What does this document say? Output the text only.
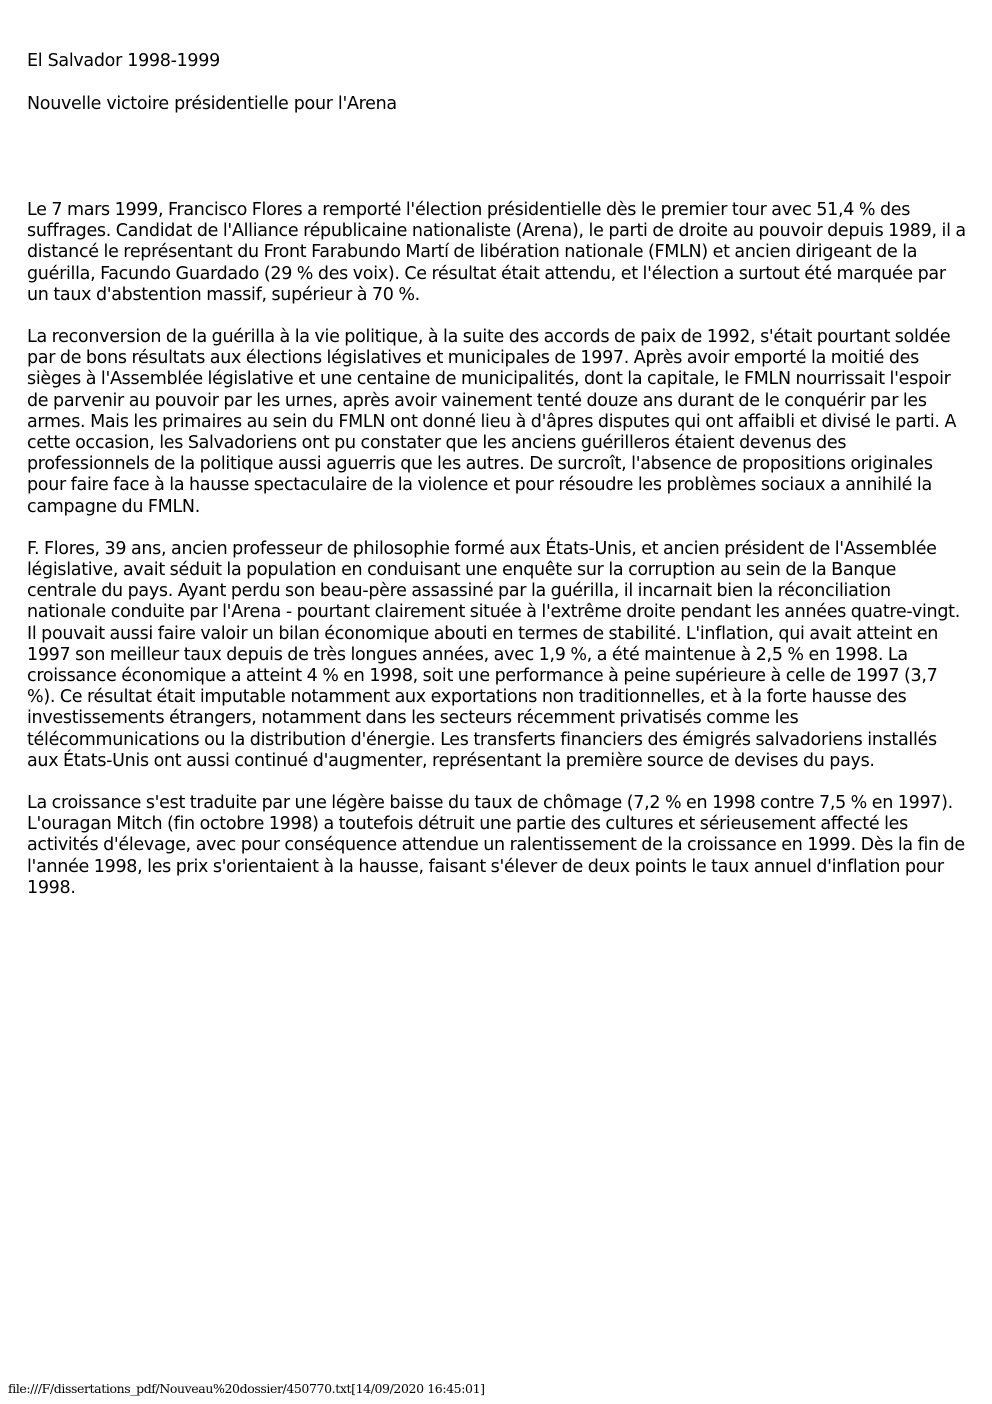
El Salvador 1998-1999

Nouvelle victoire présidentielle pour l'Arena

Le 7 mars 1999, Francisco Flores a remporté l'élection présidentielle dès le premier tour avec 51,4 % des suffrages. Candidat de l'Alliance républicaine nationaliste (Arena), le parti de droite au pouvoir depuis 1989, il a distancé le représentant du Front Farabundo Martí de libération nationale (FMLN) et ancien dirigeant de la guérilla, Facundo Guardado (29 % des voix). Ce résultat était attendu, et l'élection a surtout été marquée par un taux d'abstention massif, supérieur à 70 %.

La reconversion de la guérilla à la vie politique, à la suite des accords de paix de 1992, s'était pourtant soldée par de bons résultats aux élections législatives et municipales de 1997. Après avoir emporté la moitié des sièges à l'Assemblée législative et une centaine de municipalités, dont la capitale, le FMLN nourrissait l'espoir de parvenir au pouvoir par les urnes, après avoir vainement tenté douze ans durant de le conquérir par les armes. Mais les primaires au sein du FMLN ont donné lieu à d'âpres disputes qui ont affaibli et divisé le parti. A cette occasion, les Salvadoriens ont pu constater que les anciens guérilleros étaient devenus des professionnels de la politique aussi aguerris que les autres. De surcroît, l'absence de propositions originales pour faire face à la hausse spectaculaire de la violence et pour résoudre les problèmes sociaux a annihilé la campagne du FMLN.

F. Flores, 39 ans, ancien professeur de philosophie formé aux États-Unis, et ancien président de l'Assemblée législative, avait séduit la population en conduisant une enquête sur la corruption au sein de la Banque centrale du pays. Ayant perdu son beau-père assassiné par la guérilla, il incarnait bien la réconciliation nationale conduite par l'Arena - pourtant clairement située à l'extrême droite pendant les années quatre-vingt. Il pouvait aussi faire valoir un bilan économique abouti en termes de stabilité. L'inflation, qui avait atteint en 1997 son meilleur taux depuis de très longues années, avec 1,9 %, a été maintenue à 2,5 % en 1998. La croissance économique a atteint 4 % en 1998, soit une performance à peine supérieure à celle de 1997 (3,7 %). Ce résultat était imputable notamment aux exportations non traditionnelles, et à la forte hausse des investissements étrangers, notamment dans les secteurs récemment privatisés comme les télécommunications ou la distribution d'énergie. Les transferts financiers des émigrés salvadoriens installés aux États-Unis ont aussi continué d'augmenter, représentant la première source de devises du pays.

La croissance s'est traduite par une légère baisse du taux de chômage (7,2 % en 1998 contre 7,5 % en 1997). L'ouragan Mitch (fin octobre 1998) a toutefois détruit une partie des cultures et sérieusement affecté les activités d'élevage, avec pour conséquence attendue un ralentissement de la croissance en 1999. Dès la fin de l'année 1998, les prix s'orientaient à la hausse, faisant s'élever de deux points le taux annuel d'inflation pour 1998.

file:///F/dissertations_pdf/Nouveau%20dossier/450770.txt[14/09/2020 16:45:01]
